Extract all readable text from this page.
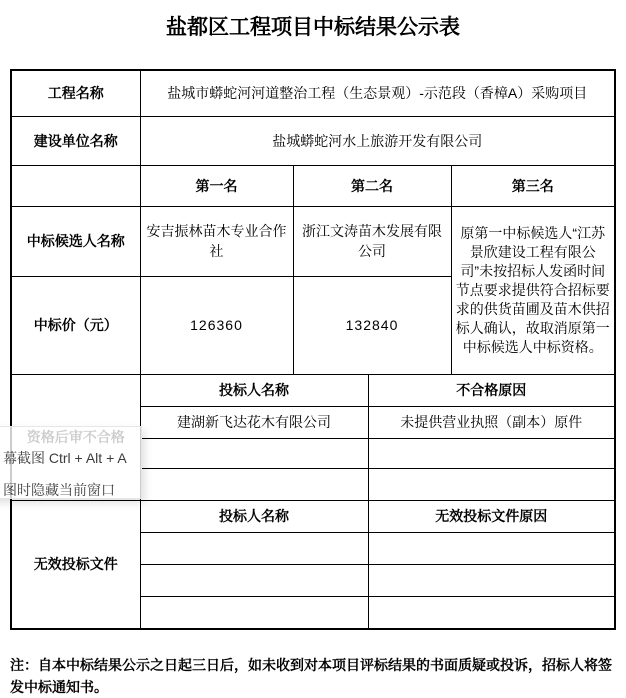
盐都区工程项目中标结果公示表
工程名称	盐城市蟒蛇河河道整治工程（生态景观）-示范段（香樟A）采购项目			
建设单位名称	盐城蟒蛇河水上旅游开发有限公司			
	第一名	第二名		第三名
中标候选人名称	安吉振林苗木专业合作社	浙江文涛苗木发展有限公司		原第一中标候选人“江苏景欣建设工程有限公司”未按招标人发函时间节点要求提供符合招标要求的供货苗圃及苗木供招标人确认，故取消原第一中标候选人中标资格。
中标价（元）	126360	132840		
	投标人名称		不合格原因	
	建湖新飞达花木有限公司		未提供营业执照（副本）原件	

无效投标文件	投标人名称		无效投标文件原因	

注：自本中标结果公示之日起三日后，如未收到对本项目评标结果的书面质疑或投诉，招标人将签发中标通知书。
幕截图 Ctrl + Alt + A
图时隐藏当前窗口
